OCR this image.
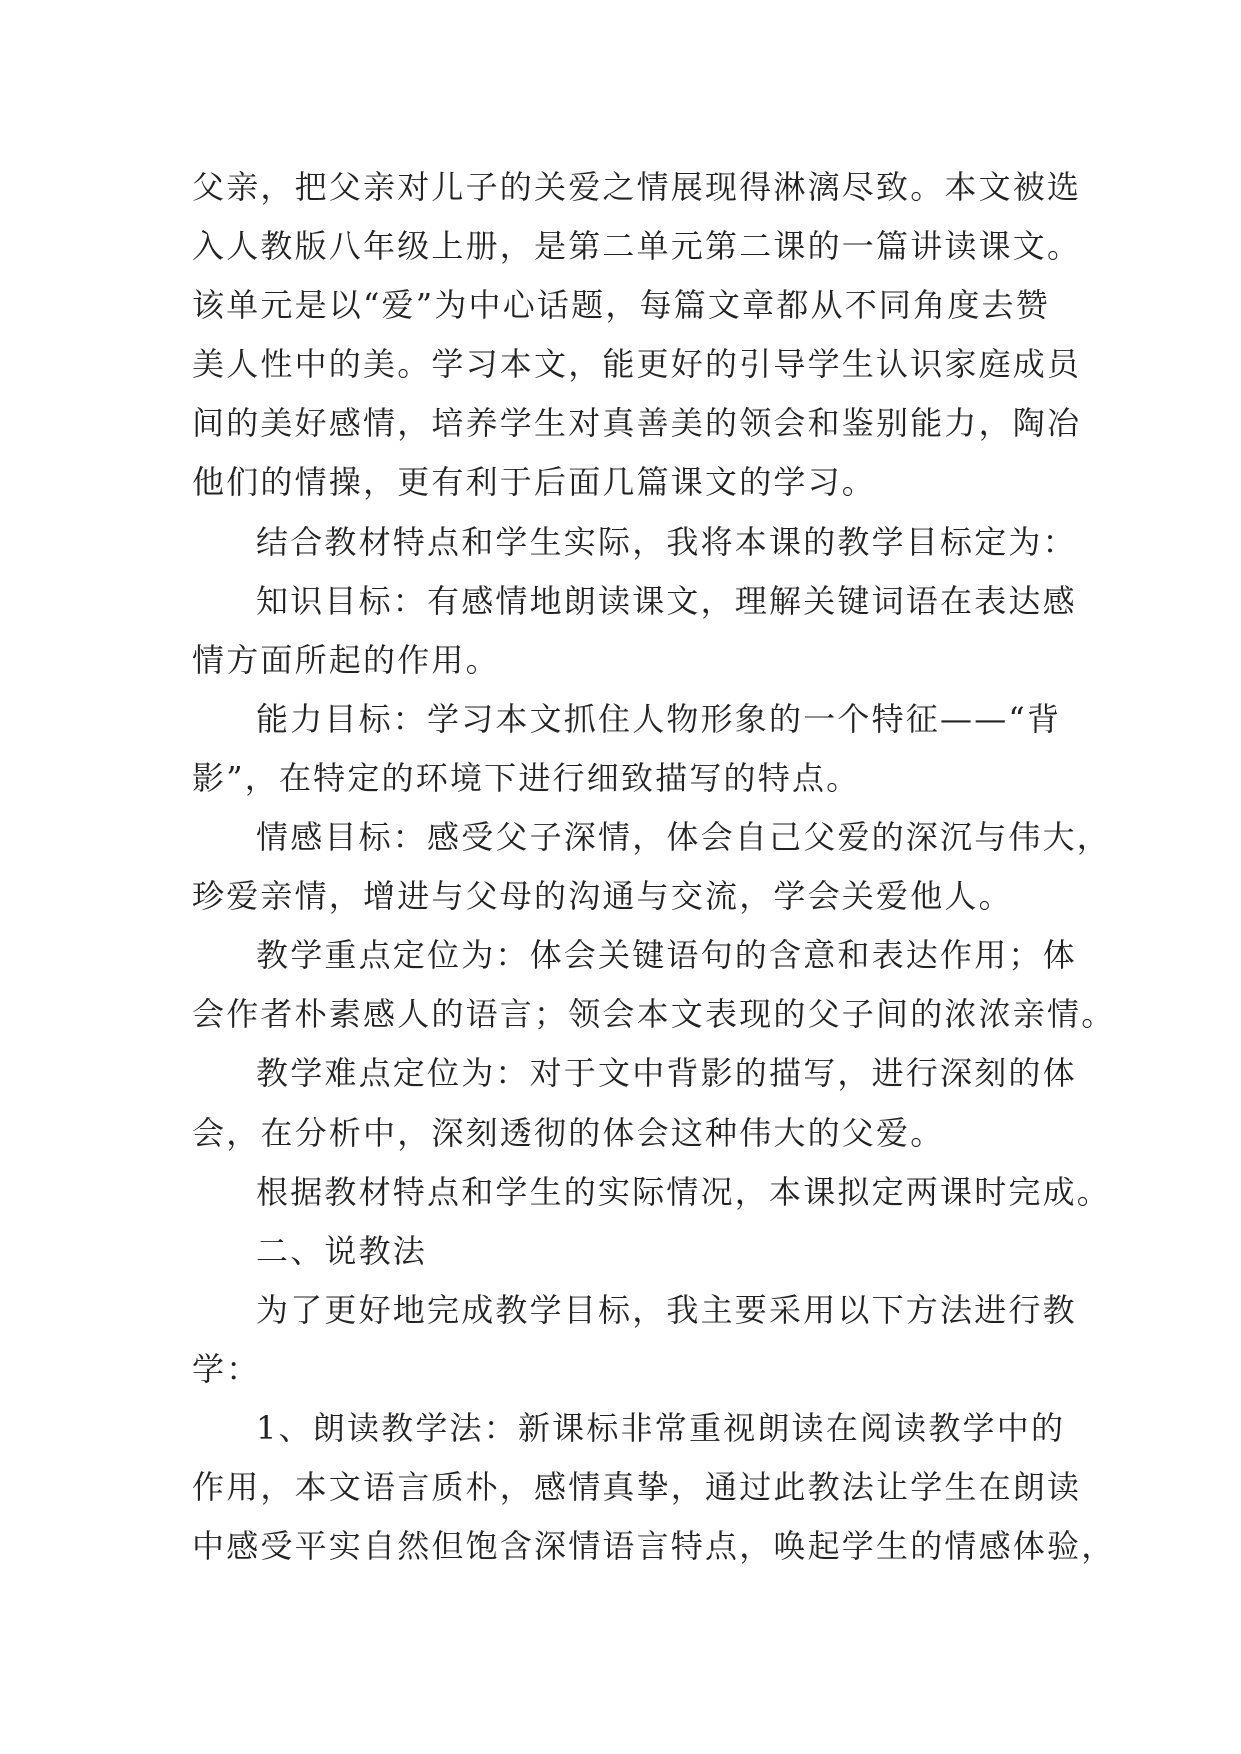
父亲，把父亲对儿子的关爱之情展现得淋漓尽致。本文被选
入人教版八年级上册，是第二单元第二课的一篇讲读课文。
该单元是以“爱”为中心话题，每篇文章都从不同角度去赞
美人性中的美。学习本文，能更好的引导学生认识家庭成员
间的美好感情，培养学生对真善美的领会和鉴别能力，陶冶
他们的情操，更有利于后面几篇课文的学习。
结合教材特点和学生实际，我将本课的教学目标定为：
知识目标：有感情地朗读课文，理解关键词语在表达感
情方面所起的作用。
能力目标：学习本文抓住人物形象的一个特征——“背
影”，在特定的环境下进行细致描写的特点。
情感目标：感受父子深情，体会自己父爱的深沉与伟大，
珍爱亲情，增进与父母的沟通与交流，学会关爱他人。
教学重点定位为：体会关键语句的含意和表达作用；体
会作者朴素感人的语言；领会本文表现的父子间的浓浓亲情。
教学难点定位为：对于文中背影的描写，进行深刻的体
会，在分析中，深刻透彻的体会这种伟大的父爱。
根据教材特点和学生的实际情况，本课拟定两课时完成。
二、说教法
为了更好地完成教学目标，我主要采用以下方法进行教
学：
1、朗读教学法：新课标非常重视朗读在阅读教学中的
作用，本文语言质朴，感情真挚，通过此教法让学生在朗读
中感受平实自然但饱含深情语言特点，唤起学生的情感体验，
